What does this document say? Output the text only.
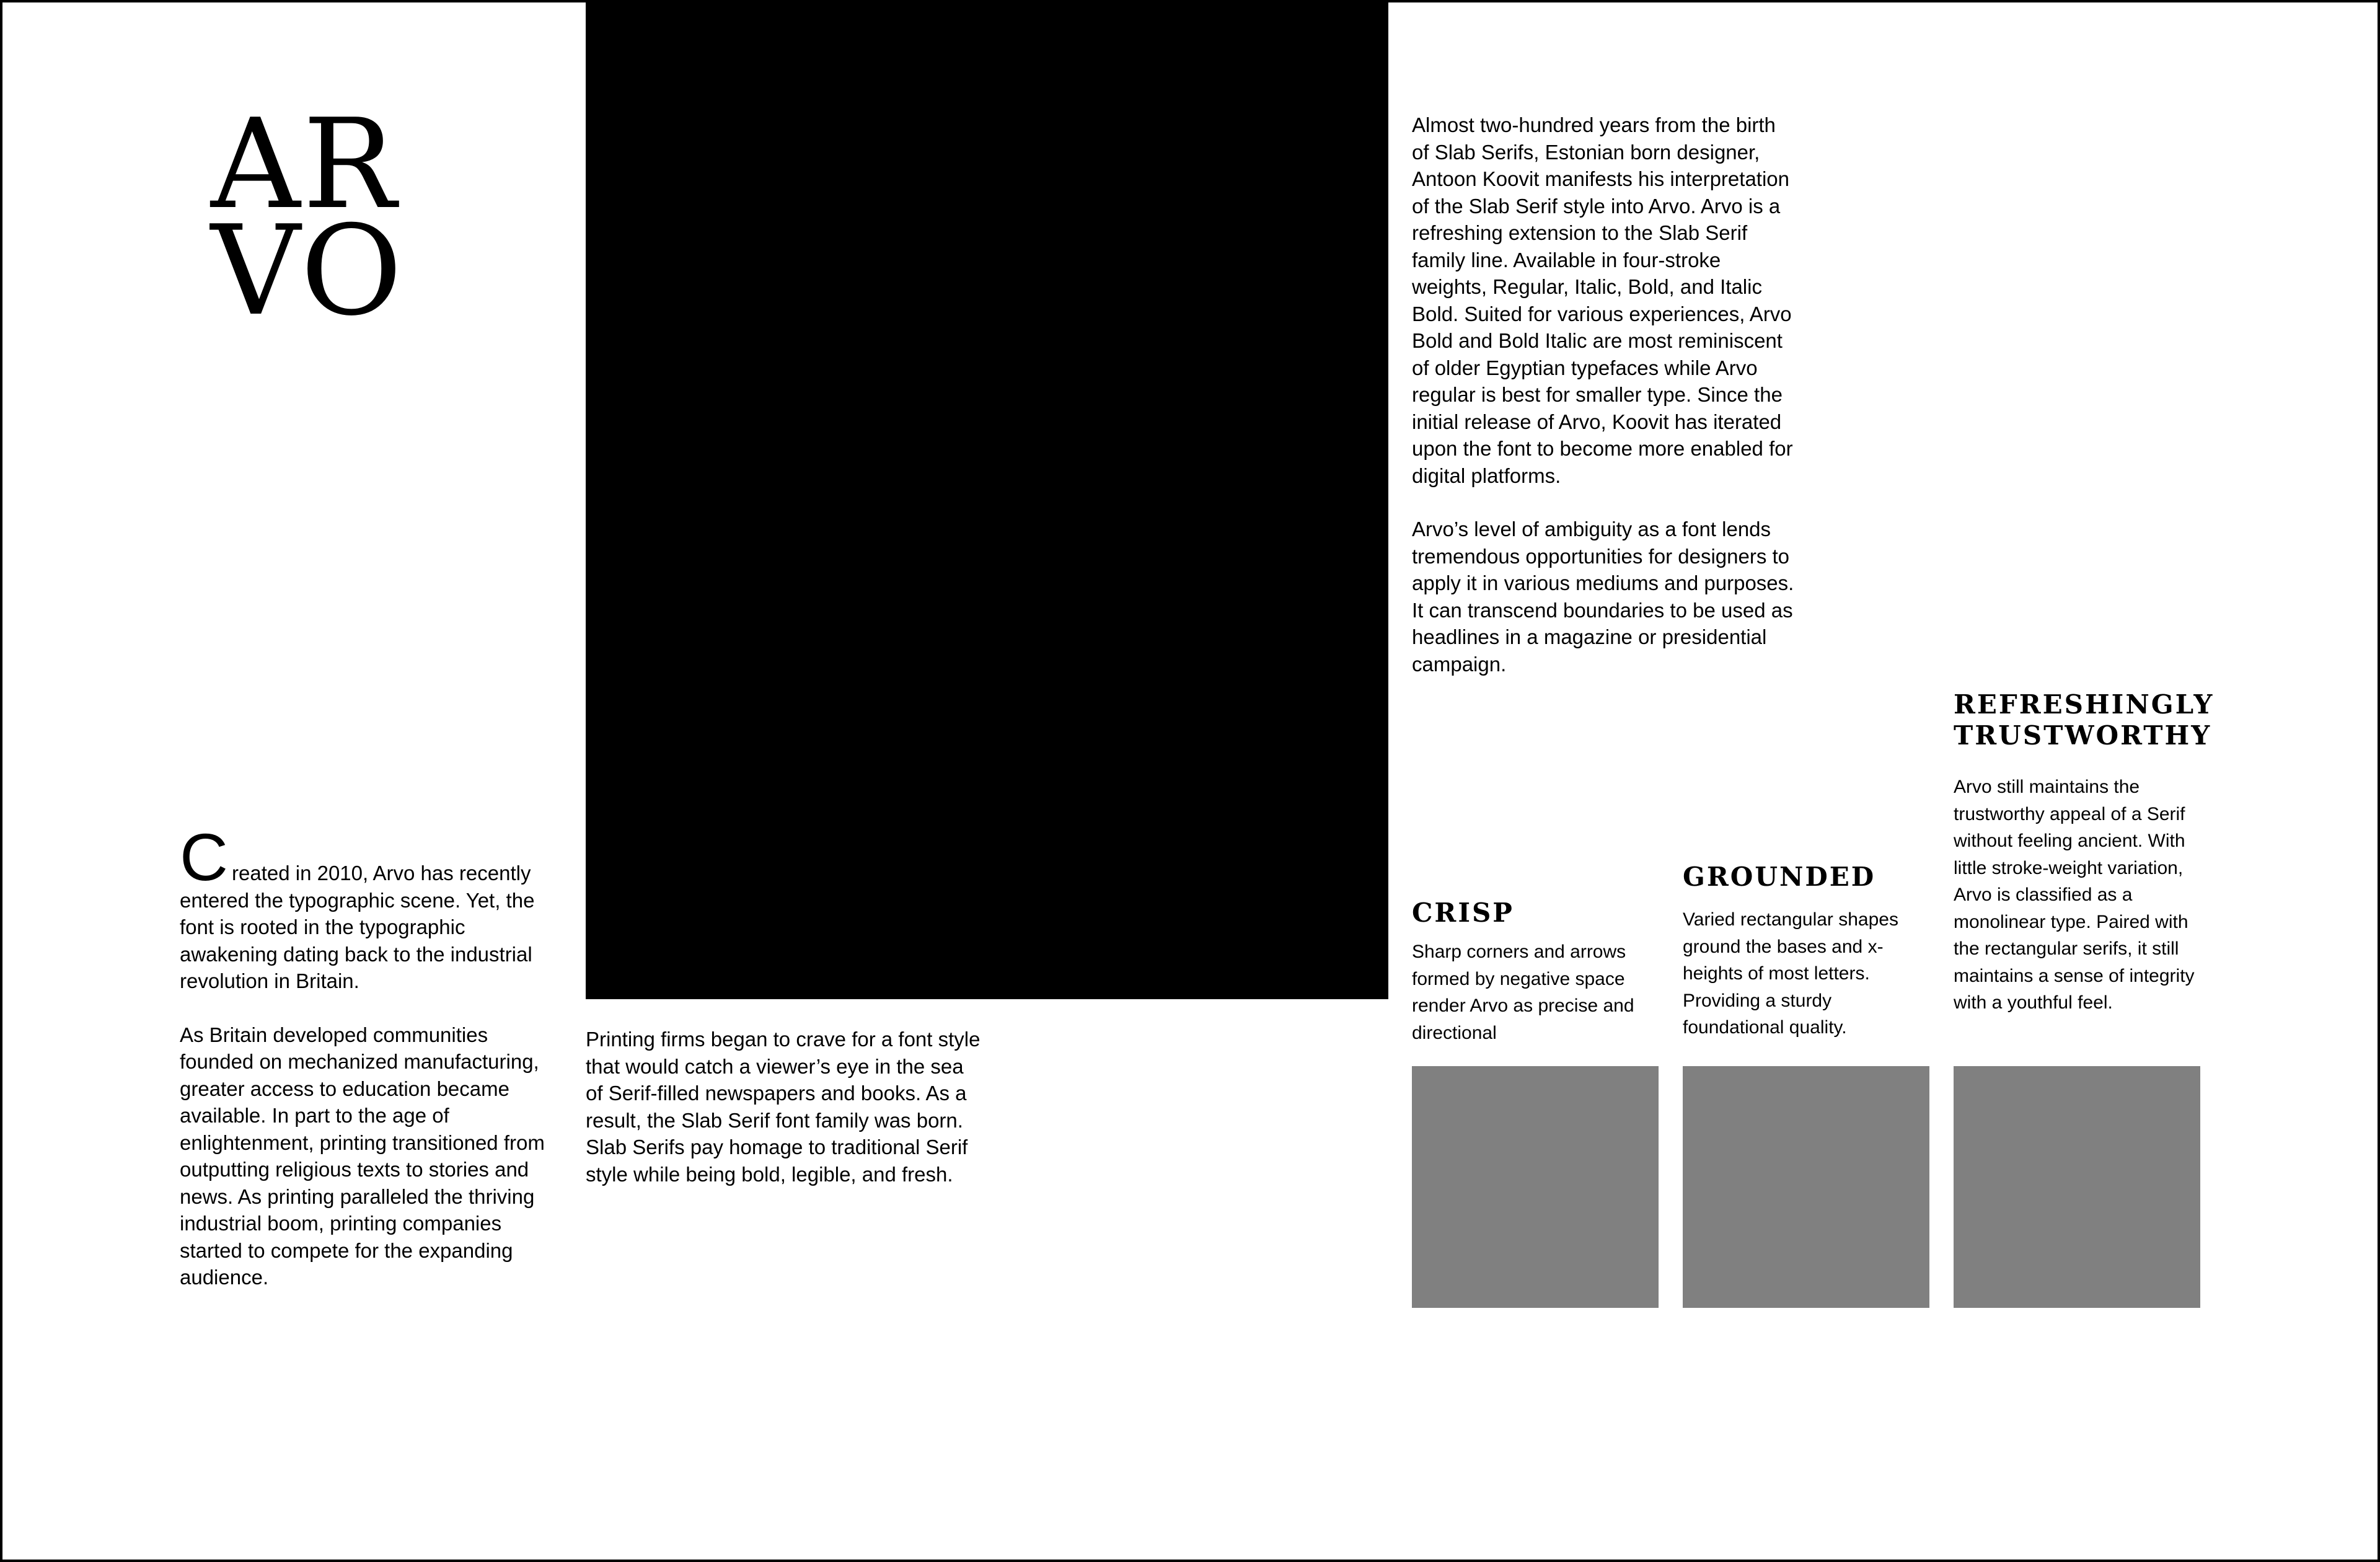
AR
VO
C reated in 2010, Arvo has recently entered the typographic scene. Yet, the font is rooted in the typographic awakening dating back to the industrial revolution in Britain.

As Britain developed communities founded on mechanized manufacturing, greater access to education became available. In part to the age of enlightenment, printing transitioned from outputting religious texts to stories and news. As printing paralleled the thriving industrial boom, printing companies started to compete for the expanding audience.

Printing firms began to crave for a font style that would catch a viewer’s eye in the sea of Serif-filled newspapers and books. As a result, the Slab Serif font family was born. Slab Serifs pay homage to traditional Serif style while being bold, legible, and fresh.

Almost two-hundred years from the birth of Slab Serifs, Estonian born designer, Antoon Koovit manifests his interpretation of the Slab Serif style into Arvo. Arvo is a refreshing extension to the Slab Serif family line. Available in four-stroke weights, Regular, Italic, Bold, and Italic Bold. Suited for various experiences, Arvo Bold and Bold Italic are most reminiscent of older Egyptian typefaces while Arvo regular is best for smaller type. Since the initial release of Arvo, Koovit has iterated upon the font to become more enabled for digital platforms.

Arvo’s level of ambiguity as a font lends tremendous opportunities for designers to apply it in various mediums and purposes. It can transcend boundaries to be used as headlines in a magazine or presidential campaign.

CRISP
Sharp corners and arrows formed by negative space render Arvo as precise and directional
GROUNDED
Varied rectangular shapes ground the bases and x-heights of most letters. Providing a sturdy foundational quality.
REFRESHINGLY TRUSTWORTHY
Arvo still maintains the trustworthy appeal of a Serif without feeling ancient. With little stroke-weight variation, Arvo is classified as a monolinear type. Paired with the rectangular serifs, it still maintains a sense of integrity with a youthful feel.
